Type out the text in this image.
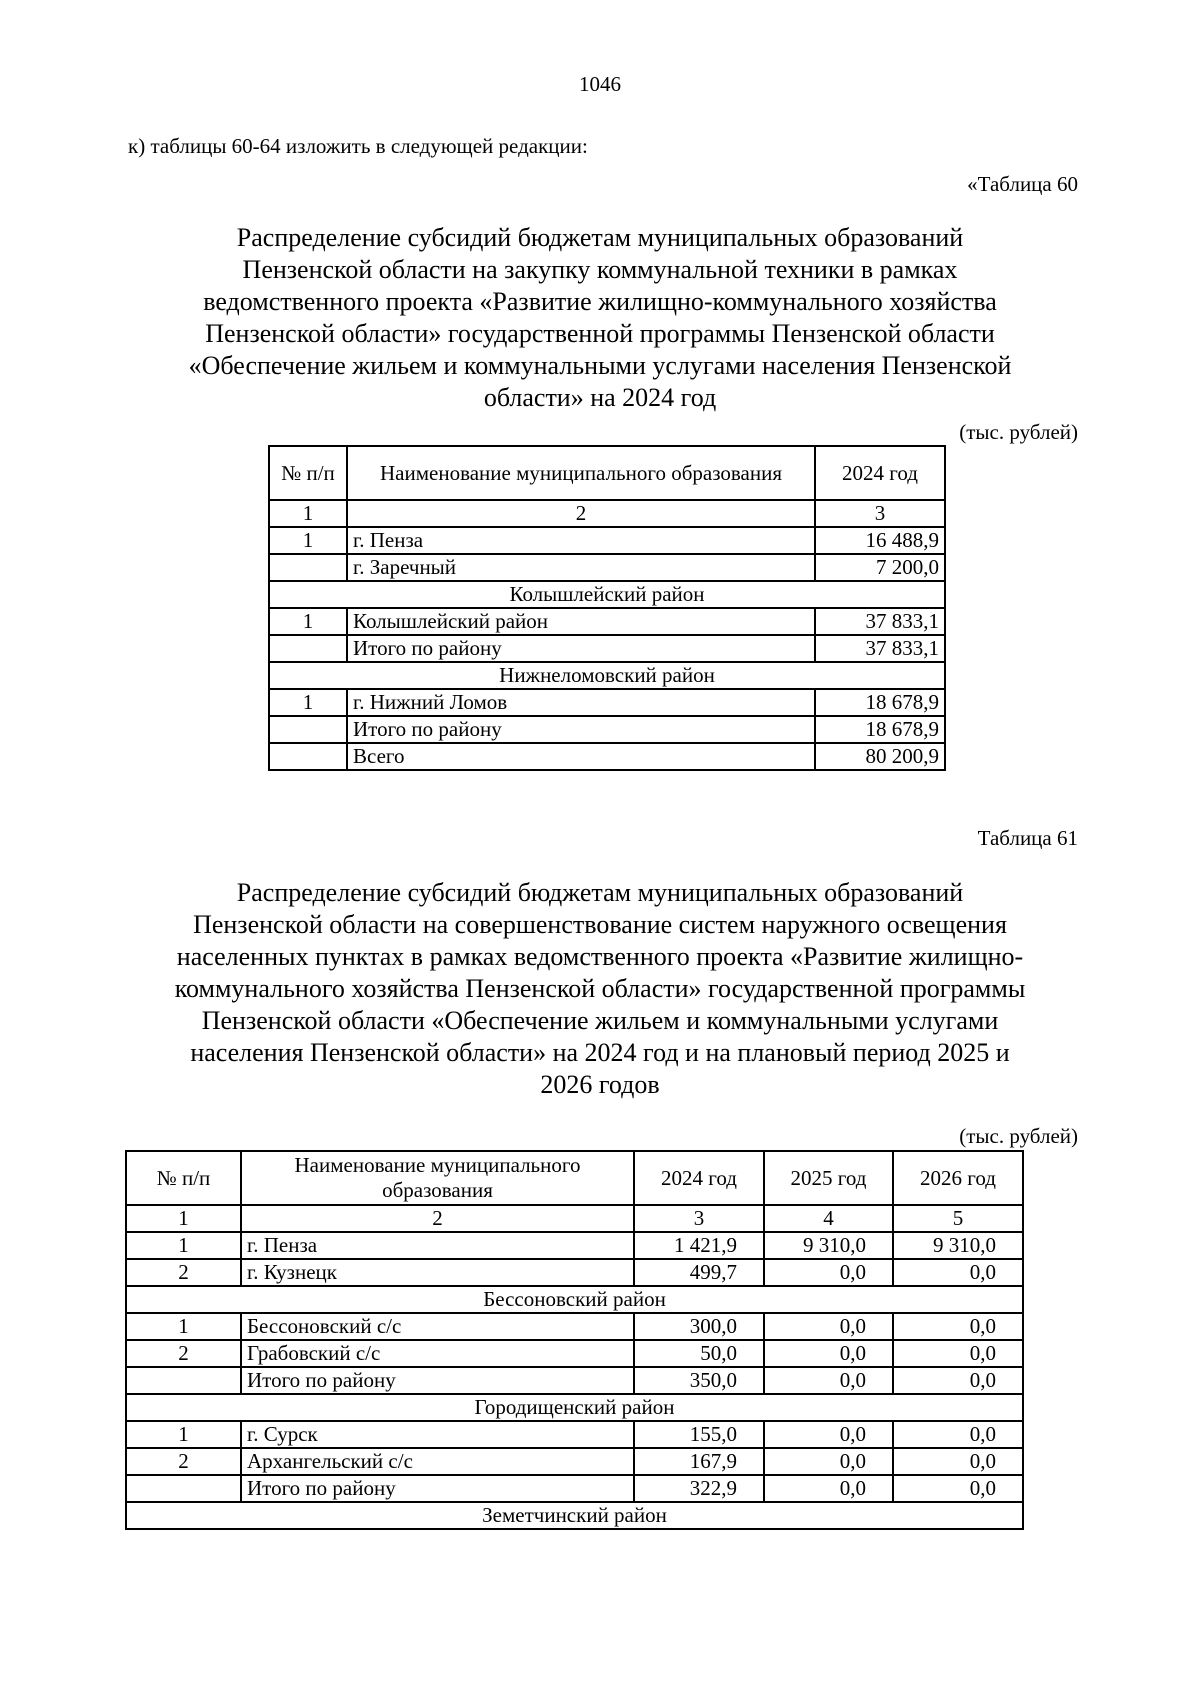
1046
к) таблицы 60-64 изложить в следующей редакции:
«Таблица 60
Распределение субсидий бюджетам муниципальных образований
Пензенской области на закупку коммунальной техники в рамках
ведомственного проекта «Развитие жилищно-коммунального хозяйства
Пензенской области» государственной программы Пензенской области
«Обеспечение жильем и коммунальными услугами населения Пензенской
области» на 2024 год
(тыс. рублей)
№ п/п	Наименование муниципального образования	2024 год
1	2	3
1	г. Пенза	16 488,9
	г. Заречный	7 200,0
Колышлейский район		
1	Колышлейский район	37 833,1
	Итого по району	37 833,1
Нижнеломовский район		
1	г. Нижний Ломов	18 678,9
	Итого по району	18 678,9
	Всего	80 200,9
Таблица 61
Распределение субсидий бюджетам муниципальных образований
Пензенской области на совершенствование систем наружного освещения
населенных пунктах в рамках ведомственного проекта «Развитие жилищно-
коммунального хозяйства Пензенской области» государственной программы
Пензенской области «Обеспечение жильем и коммунальными услугами
населения Пензенской области» на 2024 год и на плановый период 2025 и
2026 годов
(тыс. рублей)
№ п/п	Наименование муниципального образования	2024 год	2025 год	2026 год
1	2	3	4	5
1	г. Пенза	1 421,9	9 310,0	9 310,0
2	г. Кузнецк	499,7	0,0	0,0
Бессоновский район				
1	Бессоновский с/с	300,0	0,0	0,0
2	Грабовский с/с	50,0	0,0	0,0
	Итого по району	350,0	0,0	0,0
Городищенский район				
1	г. Сурск	155,0	0,0	0,0
2	Архангельский с/с	167,9	0,0	0,0
	Итого по району	322,9	0,0	0,0
Земетчинский район				
